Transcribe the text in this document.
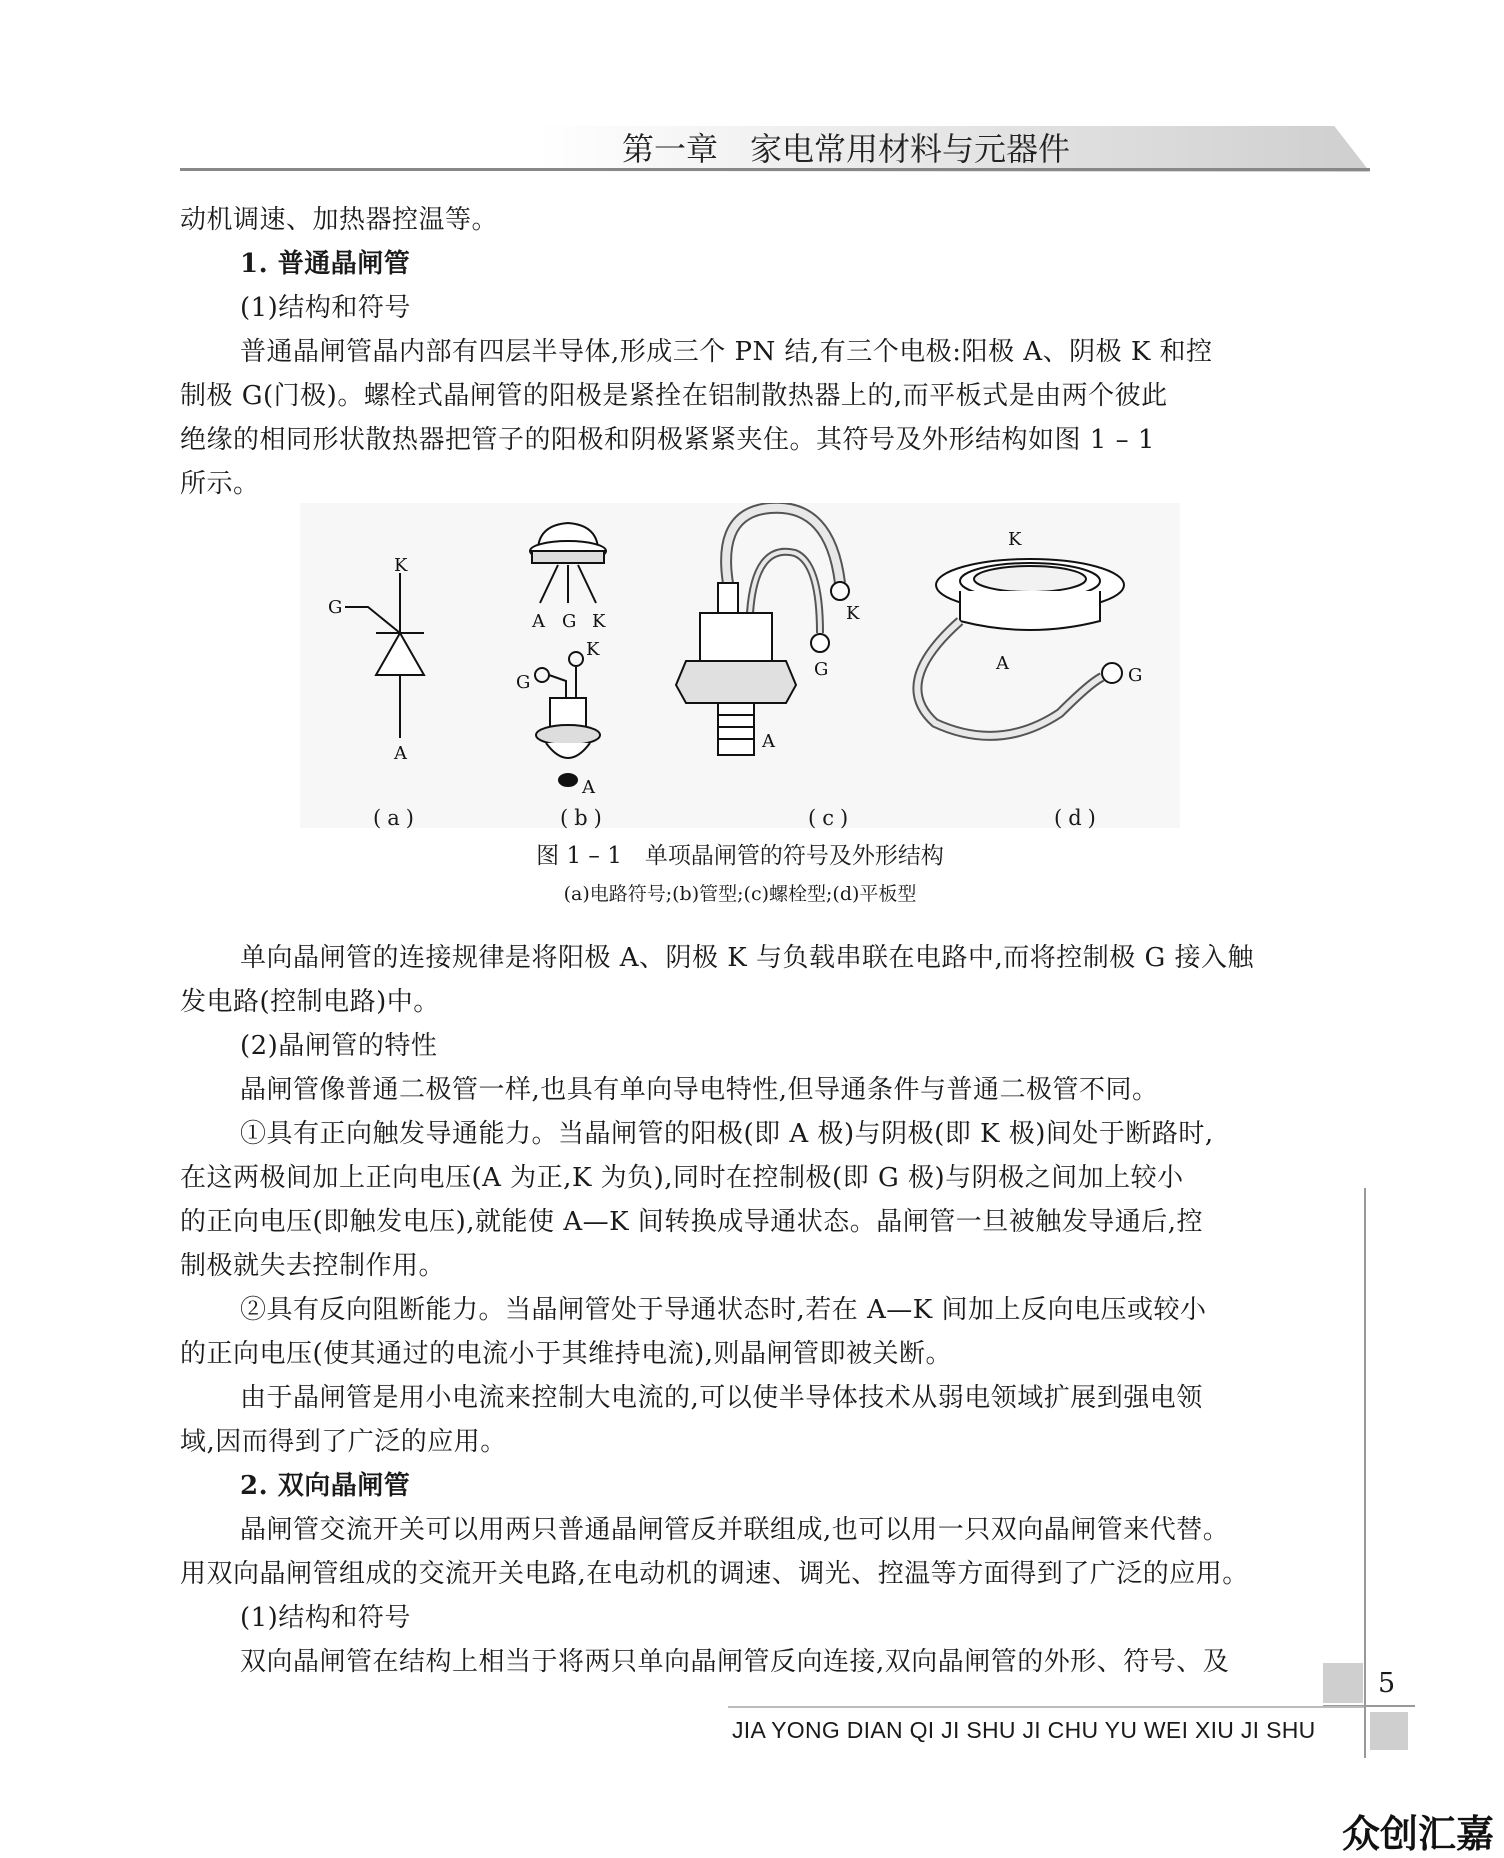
第一章　家电常用材料与元器件
动机调速、加热器控温等。
1. 普通晶闸管
(1)结构和符号
普通晶闸管晶内部有四层半导体,形成三个 PN 结,有三个电极:阳极 A、阴极 K 和控
制极 G(门极)。螺栓式晶闸管的阳极是紧拴在铝制散热器上的,而平板式是由两个彼此
绝缘的相同形状散热器把管子的阳极和阴极紧紧夹住。其符号及外形结构如图 1 – 1
所示。
K
G
A
A G K
G
K
A
K
G
A
K
A
G
(a)	(b)	(c)	(d)
图 1 – 1　单项晶闸管的符号及外形结构
(a)电路符号;(b)管型;(c)螺栓型;(d)平板型
单向晶闸管的连接规律是将阳极 A、阴极 K 与负载串联在电路中,而将控制极 G 接入触
发电路(控制电路)中。
(2)晶闸管的特性
晶闸管像普通二极管一样,也具有单向导电特性,但导通条件与普通二极管不同。
①具有正向触发导通能力。当晶闸管的阳极(即 A 极)与阴极(即 K 极)间处于断路时,
在这两极间加上正向电压(A 为正,K 为负),同时在控制极(即 G 极)与阴极之间加上较小
的正向电压(即触发电压),就能使 A—K 间转换成导通状态。晶闸管一旦被触发导通后,控
制极就失去控制作用。
②具有反向阻断能力。当晶闸管处于导通状态时,若在 A—K 间加上反向电压或较小
的正向电压(使其通过的电流小于其维持电流),则晶闸管即被关断。
由于晶闸管是用小电流来控制大电流的,可以使半导体技术从弱电领域扩展到强电领
域,因而得到了广泛的应用。
2. 双向晶闸管
晶闸管交流开关可以用两只普通晶闸管反并联组成,也可以用一只双向晶闸管来代替。
用双向晶闸管组成的交流开关电路,在电动机的调速、调光、控温等方面得到了广泛的应用。
(1)结构和符号
双向晶闸管在结构上相当于将两只单向晶闸管反向连接,双向晶闸管的外形、符号、及
5
JIA YONG DIAN QI JI SHU JI CHU YU WEI XIU JI SHU
众创汇嘉
